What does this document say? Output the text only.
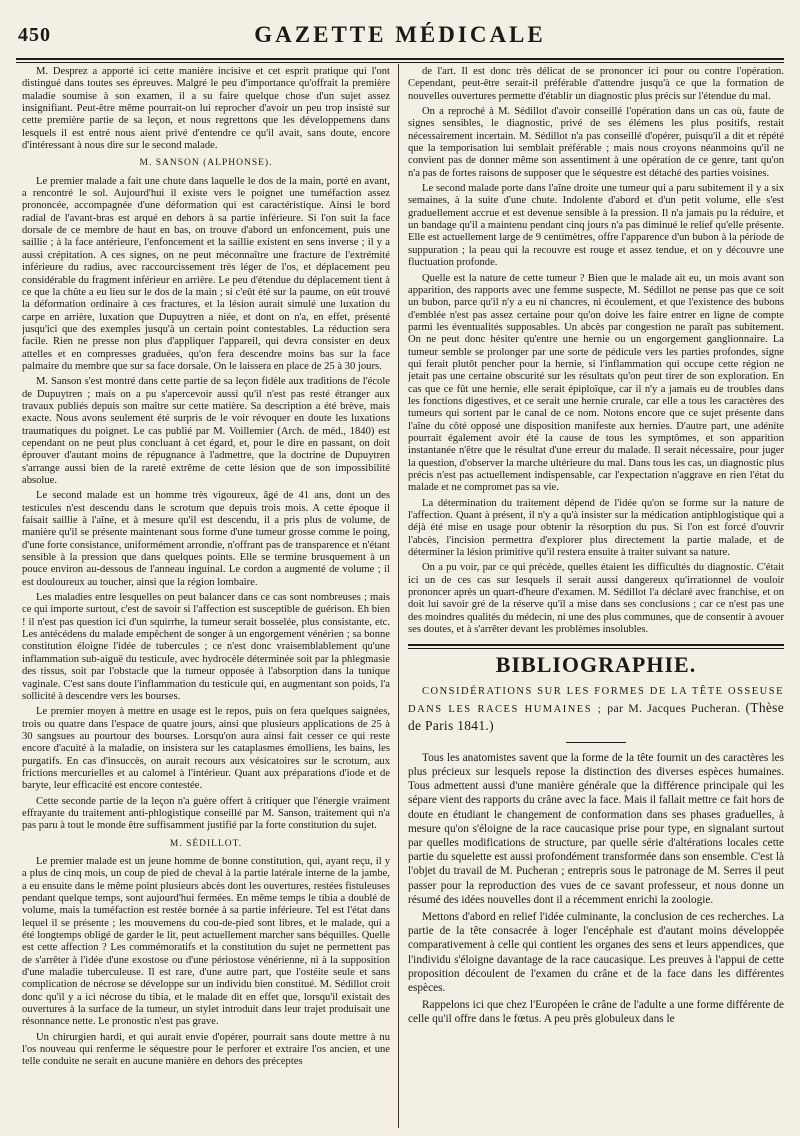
450	GAZETTE MÉDICALE

M. Desprez a apporté ici cette manière incisive et cet esprit pratique qui l'ont distingué dans toutes ses épreuves. Malgré le peu d'importance qu'offrait la première maladie soumise à son examen, il a su faire quelque chose d'un sujet assez insignifiant. Peut-être même pourrait-on lui reprocher d'avoir un peu trop insisté sur cette première partie de sa leçon, et nous regrettons que les développemens dans lesquels il est entré nous aient privé d'entendre ce qu'il avait, sans doute, encore d'intéressant à nous dire sur le second malade.

M. SANSON (ALPHONSE).

Le premier malade a fait une chute dans laquelle le dos de la main, porté en avant, a rencontré le sol. Aujourd'hui il existe vers le poignet une tuméfaction assez prononcée, accompagnée d'une déformation qui est caractéristique. Ainsi le bord radial de l'avant-bras est arqué en dehors à sa partie inférieure. Si l'on suit la face dorsale de ce membre de haut en bas, on trouve d'abord un enfoncement, puis une saillie ; à la face antérieure, l'enfoncement et la saillie existent en sens inverse ; il y a aussi crépitation. A ces signes, on ne peut méconnaître une fracture de l'extrémité inférieure du radius, avec raccourcissement très léger de l'os, et déplacement peu considérable du fragment inférieur en arrière. Le peu d'étendue du déplacement tient à ce que la chûte a eu lieu sur le dos de la main ; si c'eût été sur la paume, on eût trouvé la déformation ordinaire à ces fractures, et la lésion aurait simulé une luxation du carpe en arrière, luxation que Dupuytren a niée, et dont on n'a, en effet, présenté jusqu'ici que des exemples jusqu'à un certain point contestables. La réduction sera facile. Rien ne presse non plus d'appliquer l'appareil, qui devra consister en deux attelles et en compresses graduées, qu'on fera descendre moins bas sur la face palmaire du membre que sur sa face dorsale. On le laissera en place de 25 à 30 jours.

M. Sanson s'est montré dans cette partie de sa leçon fidèle aux traditions de l'école de Dupuytren ; mais on a pu s'apercevoir aussi qu'il n'est pas resté étranger aux travaux publiés depuis son maître sur cette matière. Sa description a été brève, mais exacte. Nous avons seulement été surpris de le voir révoquer en doute les luxations traumatiques du poignet. Le cas publié par M. Voillemier (Arch. de méd., 1840) est cependant on ne peut plus concluant à cet égard, et, pour le dire en passant, on doit éprouver d'autant moins de répugnance à l'admettre, que la doctrine de Dupuytren s'arrange aussi bien de la rareté extrême de cette lésion que de son impossibilité absolue.

Le second malade est un homme très vigoureux, âgé de 41 ans, dont un des testicules n'est descendu dans le scrotum que depuis trois mois. A cette époque il faisait saillie à l'aîne, et à mesure qu'il est descendu, il a pris plus de volume, de manière qu'il se présente maintenant sous forme d'une tumeur grosse comme le poing, d'une forte consistance, uniformément arrondie, n'offrant pas de transparence et n'étant sensible à la pression que dans quelques points. Elle se termine brusquement à un pouce environ au-dessous de l'anneau inguinal. Le cordon a augmenté de volume ; il est douloureux au toucher, ainsi que la région lombaire.

Les maladies entre lesquelles on peut balancer dans ce cas sont nombreuses ; mais ce qui importe surtout, c'est de savoir si l'affection est susceptible de guérison. Eh bien ! il n'est pas question ici d'un squirrhe, la tumeur serait bosselée, plus consistante, etc. Les antécédens du malade empêchent de songer à un engorgement vénérien ; sa bonne constitution éloigne l'idée de tubercules ; ce n'est donc vraisemblablement qu'une inflammation sub-aiguë du testicule, avec hydrocèle déterminée soit par la phlegmasie des tissus, soit par l'obstacle que la tumeur opposée à l'absorption dans la tunique vaginale. C'est sans doute l'inflammation du testicule qui, en augmentant son poids, l'a sollicité à descendre vers les bourses.

Le premier moyen à mettre en usage est le repos, puis on fera quelques saignées, trois ou quatre dans l'espace de quatre jours, ainsi que plusieurs applications de 25 à 30 sangsues au pourtour des bourses. Lorsqu'on aura ainsi fait cesser ce qui reste encore d'acuité à la maladie, on insistera sur les cataplasmes émolliens, les bains, les purgatifs. En cas d'insuccès, on aurait recours aux vésicatoires sur le scrotum, aux frictions mercurielles et au calomel à l'intérieur. Quant aux préparations d'iode et de baryte, leur efficacité est encore contestée.

Cette seconde partie de la leçon n'a guère offert à critiquer que l'énergie vraiment effrayante du traitement anti-phlogistique conseillé par M. Sanson, traitement qui n'a pas paru à tout le monde être suffisamment justifié par la forte constitution du sujet.

M. SÉDILLOT.

Le premier malade est un jeune homme de bonne constitution, qui, ayant reçu, il y a plus de cinq mois, un coup de pied de cheval à la partie latérale interne de la jambe, a eu ensuite dans le même point plusieurs abcès dont les ouvertures, restées fistuleuses pendant quelque temps, sont aujourd'hui fermées. En même temps le tibia a doublé de volume, mais la tuméfaction est restée bornée à sa partie inférieure. Tel est l'état dans lequel il se présente ; les mouvemens du cou-de-pied sont libres, et le malade, qui a été longtemps obligé de garder le lit, peut actuellement marcher sans béquilles. Quelle est cette affection ? Les commémoratifs et la constitution du sujet ne permettent pas de s'arrêter à l'idée d'une exostose ou d'une périostose vénérienne, ni à la supposition d'une maladie tuberculeuse. Il est rare, d'une autre part, que l'ostéite seule et sans complication de nécrose se développe sur un individu bien constitué. M. Sédillot croit donc qu'il y a ici nécrose du tibia, et le malade dit en effet que, lorsqu'il existait des ouvertures à la surface de la tumeur, un stylet introduit dans leur trajet produisait une résonnance nette. Le pronostic n'est pas grave.

Un chirurgien hardi, et qui aurait envie d'opérer, pourrait sans doute mettre à nu l'os nouveau qui renferme le séquestre pour le perforer et extraire l'os ancien, et une telle conduite ne serait en aucune manière en dehors des préceptes

de l'art. Il est donc très délicat de se prononcer ici pour ou contre l'opération. Cependant, peut-être serait-il préférable d'attendre jusqu'à ce que la formation de nouvelles ouvertures permette d'établir un diagnostic plus précis sur l'étendue du mal.

On a reproché à M. Sédillot d'avoir conseillé l'opération dans un cas où, faute de signes sensibles, le diagnostic, privé de ses élémens les plus positifs, restait nécessairement incertain. M. Sédillot n'a pas conseillé d'opérer, puisqu'il a dit et répété que la temporisation lui semblait préférable ; mais nous croyons néanmoins qu'il ne convient pas de donner même son assentiment à une opération de ce genre, tant qu'on n'a pas de fortes raisons de supposer que le séquestre est détaché des parties voisines.

Le second malade porte dans l'aîne droite une tumeur qui a paru subitement il y a six semaines, à la suite d'une chute. Indolente d'abord et d'un petit volume, elle s'est graduellement accrue et est devenue sensible à la pression. Il n'a jamais pu la réduire, et un bandage qu'il a maintenu pendant cinq jours n'a pas diminué le relief qu'elle présente. Elle est actuellement large de 9 centimètres, offre l'apparence d'un bubon à la période de suppuration ; la peau qui la recouvre est rouge et assez tendue, et on y découvre une fluctuation profonde.

Quelle est la nature de cette tumeur ? Bien que le malade ait eu, un mois avant son apparition, des rapports avec une femme suspecte, M. Sédillot ne pense pas que ce soit un bubon, parce qu'il n'y a eu ni chancres, ni écoulement, et que l'existence des bubons d'emblée n'est pas assez certaine pour qu'on doive les faire entrer en ligne de compte parmi les éventualités supposables. Un abcès par congestion ne paraît pas subitement. On ne peut donc hésiter qu'entre une hernie ou un engorgement ganglionnaire. La tumeur semble se prolonger par une sorte de pédicule vers les parties profondes, signe qui ferait plutôt pencher pour la hernie, si l'inflammation qui occupe cette région ne jetait pas une certaine obscurité sur les résultats qu'on peut tirer de son exploration. En cas que ce fût une hernie, elle serait épiploïque, car il n'y a jamais eu de troubles dans les fonctions digestives, et ce serait une hernie crurale, car elle a tous les caractères des tumeurs qui sortent par le canal de ce nom. Notons encore que ce sujet présente dans l'aîne du côté opposé une disposition manifeste aux hernies. D'autre part, une adénite pourrait également avoir été la cause de tous les symptômes, et son apparition instantanée n'être que le résultat d'une erreur du malade. Il serait nécessaire, pour juger la question, d'observer la marche ultérieure du mal. Dans tous les cas, un diagnostic plus précis n'est pas actuellement indispensable, car l'expectation n'aggrave en rien l'état du malade et ne compromet pas sa vie.

La détermination du traitement dépend de l'idée qu'on se forme sur la nature de l'affection. Quant à présent, il n'y a qu'à insister sur la médication antiphlogistique qui a déjà été mise en usage pour obtenir la résorption du pus. Si l'on est forcé d'ouvrir l'abcès, l'incision permettra d'explorer plus directement la partie malade, et de déterminer la lésion primitive qu'il restera ensuite à traiter suivant sa nature.

On a pu voir, par ce qui précède, quelles étaient les difficultés du diagnostic. C'était ici un de ces cas sur lesquels il serait aussi dangereux qu'irrationnel de vouloir prononcer après un quart-d'heure d'examen. M. Sédillot l'a déclaré avec franchise, et on doit lui savoir gré de la réserve qu'il a mise dans ses conclusions ; car ce n'est pas une des moindres qualités du médecin, ni une des plus communes, que de consentir à avouer ses doutes, et à s'arrêter devant les problèmes insolubles.

BIBLIOGRAPHIE.
CONSIDÉRATIONS SUR LES FORMES DE LA TÊTE OSSEUSE DANS LES RACES HUMAINES ; par M. Jacques Pucheran. (Thèse de Paris 1841.)

Tous les anatomistes savent que la forme de la tête fournit un des caractères les plus précieux sur lesquels repose la distinction des diverses espèces humaines. Tous admettent aussi d'une manière générale que la différence principale qui les sépare vient des rapports du crâne avec la face. Mais il fallait mettre ce fait hors de doute en étudiant le changement de conformation dans ses phases graduelles, à mesure qu'on s'éloigne de la race caucasique prise pour type, en signalant surtout par quelles modifications de structure, par quelle série d'altérations locales cette partie du squelette est aussi profondément transformée dans son ensemble. C'est là l'objet du travail de M. Pucheran ; entrepris sous le patronage de M. Serres il peut passer pour la reproduction des vues de ce savant professeur, et nous donne un résumé des idées nouvelles dont il a récemment enrichi la zoologie.

Mettons d'abord en relief l'idée culminante, la conclusion de ces recherches. La partie de la tête consacrée à loger l'encéphale est d'autant moins développée comparativement à celle qui contient les organes des sens et leurs appendices, que l'individu s'éloigne davantage de la race caucasique. Les preuves à l'appui de cette proposition découlent de l'examen du crâne et de la face dans les différentes espèces.

Rappelons ici que chez l'Européen le crâne de l'adulte a une forme différente de celle qu'il offre dans le fœtus. A peu près globuleux dans le
